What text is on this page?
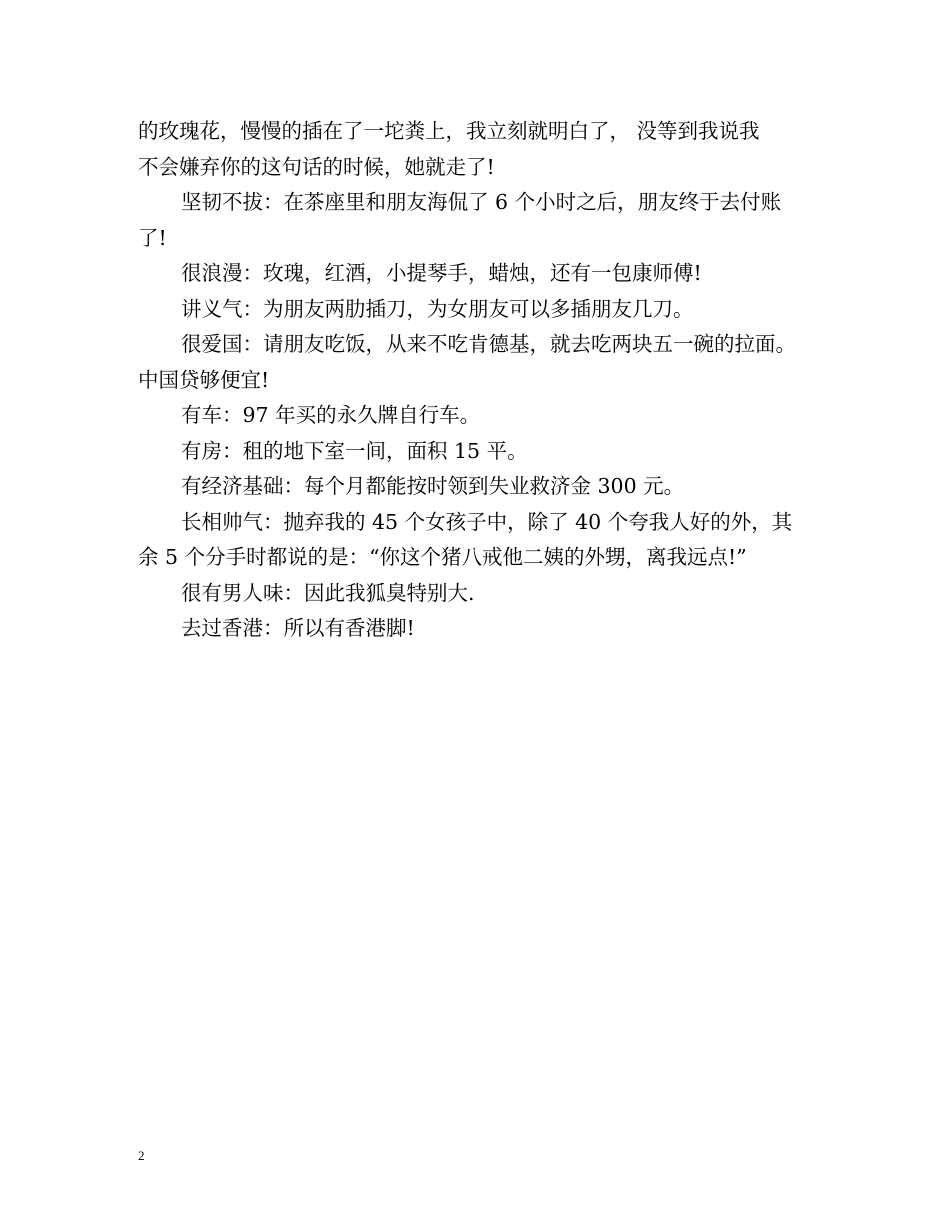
的玫瑰花，慢慢的插在了一坨粪上，我立刻就明白了， 没等到我说我
不会嫌弃你的这句话的时候，她就走了!

坚韧不拔：在茶座里和朋友海侃了 6 个小时之后，朋友终于去付账
了!

很浪漫：玫瑰，红酒，小提琴手，蜡烛，还有一包康师傅!

讲义气：为朋友两肋插刀，为女朋友可以多插朋友几刀。

很爱国：请朋友吃饭，从来不吃肯德基，就去吃两块五一碗的拉面。
中国贷够便宜!

有车：97 年买的永久牌自行车。

有房：租的地下室一间，面积 15 平。

有经济基础：每个月都能按时领到失业救济金 300 元。

长相帅气：抛弃我的 45 个女孩子中，除了 40 个夸我人好的外，其
余 5 个分手时都说的是：“你这个猪八戒他二姨的外甥，离我远点!”

很有男人味：因此我狐臭特别大.

去过香港：所以有香港脚!

2
